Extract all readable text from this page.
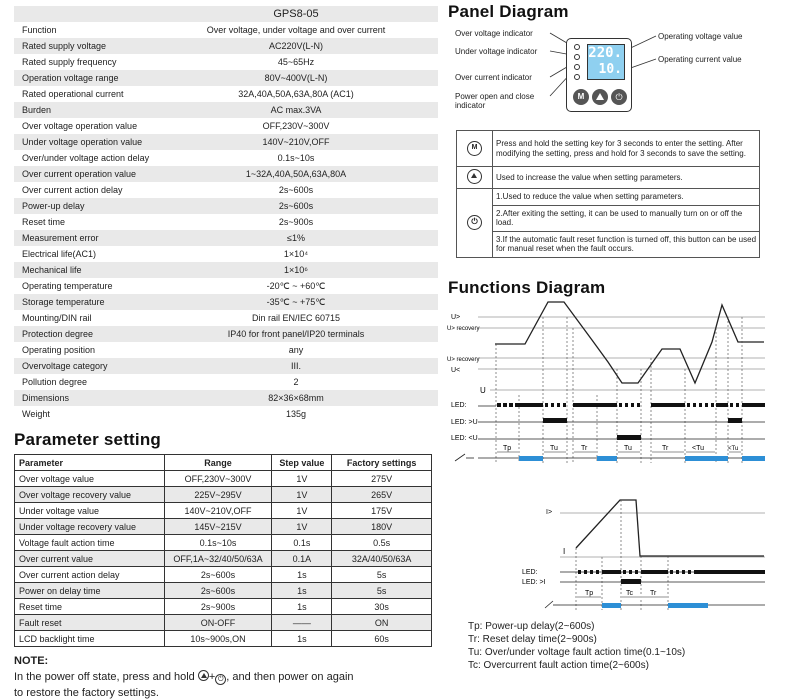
GPS8-05
Function	Over voltage, under voltage and over current
Rated supply voltage	AC220V(L-N)
Rated supply frequency	45~65Hz
Operation voltage range	80V~400V(L-N)
Rated operational current	32A,40A,50A,63A,80A (AC1)
Burden	AC max.3VA
Over voltage operation value	OFF,230V~300V
Under voltage operation value	140V~210V,OFF
Over/under voltage action delay	0.1s~10s
Over current operation value	1~32A,40A,50A,63A,80A
Over current action delay	2s~600s
Power-up delay	2s~600s
Reset time	2s~900s
Measurement error	≤1%
Electrical life(AC1)	1×10⁴
Mechanical life	1×10⁶
Operating temperature	-20℃ ~ +60℃
Storage temperature	-35℃ ~ +75℃
Mounting/DIN rail	Din rail EN/IEC 60715
Protection degree	IP40 for front panel/IP20 terminals
Operating position	any
Overvoltage category	III.
Pollution degree	2
Dimensions	82×36×68mm
Weight	135g
Parameter setting
Parameter	Range	Step value	Factory settings
Over voltage value	OFF,230V~300V	1V	275V
Over voltage recovery value	225V~295V	1V	265V
Under voltage value	140V~210V,OFF	1V	175V
Under voltage recovery value	145V~215V	1V	180V
Voltage fault action time	0.1s~10s	0.1s	0.5s
Over current value	OFF,1A~32/40/50/63A	0.1A	32A/40/50/63A
Over current action delay	2s~600s	1s	5s
Power on delay time	2s~600s	1s	5s
Reset time	2s~900s	1s	30s
Fault reset	ON-OFF	——	ON
LCD backlight time	10s~900s,ON	1s	60s
NOTE:
In the power off state, press and hold
+ ⏻ , and then power on again
to restore the factory settings.
Panel Diagram
Over voltage indicator
Under voltage indicator
Over current indicator
Power open and close
indicator
Operating voltage value
Operating current value
220.
10.
M	⏻
M	Press and hold the setting key for 3 seconds to enter the setting. After modifying the setting, press and hold for 3 seconds to save the setting.

	Used to increase the value when setting parameters.
⏻	1.Used to reduce the value when setting parameters.
2.After exiting the setting, it can be used to manually turn on or off the load.
3.If the automatic fault reset function is turned off, this button can be used for manual reset when the fault occurs.
Functions Diagram
U>
U> recovery
U> recovery
U<
U
LED:
LED: >U
LED: <U
Tp	Tu	Tr	Tu	Tr	<Tu	<Tu
I>
I
LED:
LED: >I
Tp	Tc Tr
Tp: Power-up delay(2~600s)
Tr: Reset delay time(2~900s)
Tu: Over/under voltage fault action time(0.1~10s)
Tc: Overcurrent fault action time(2~600s)
